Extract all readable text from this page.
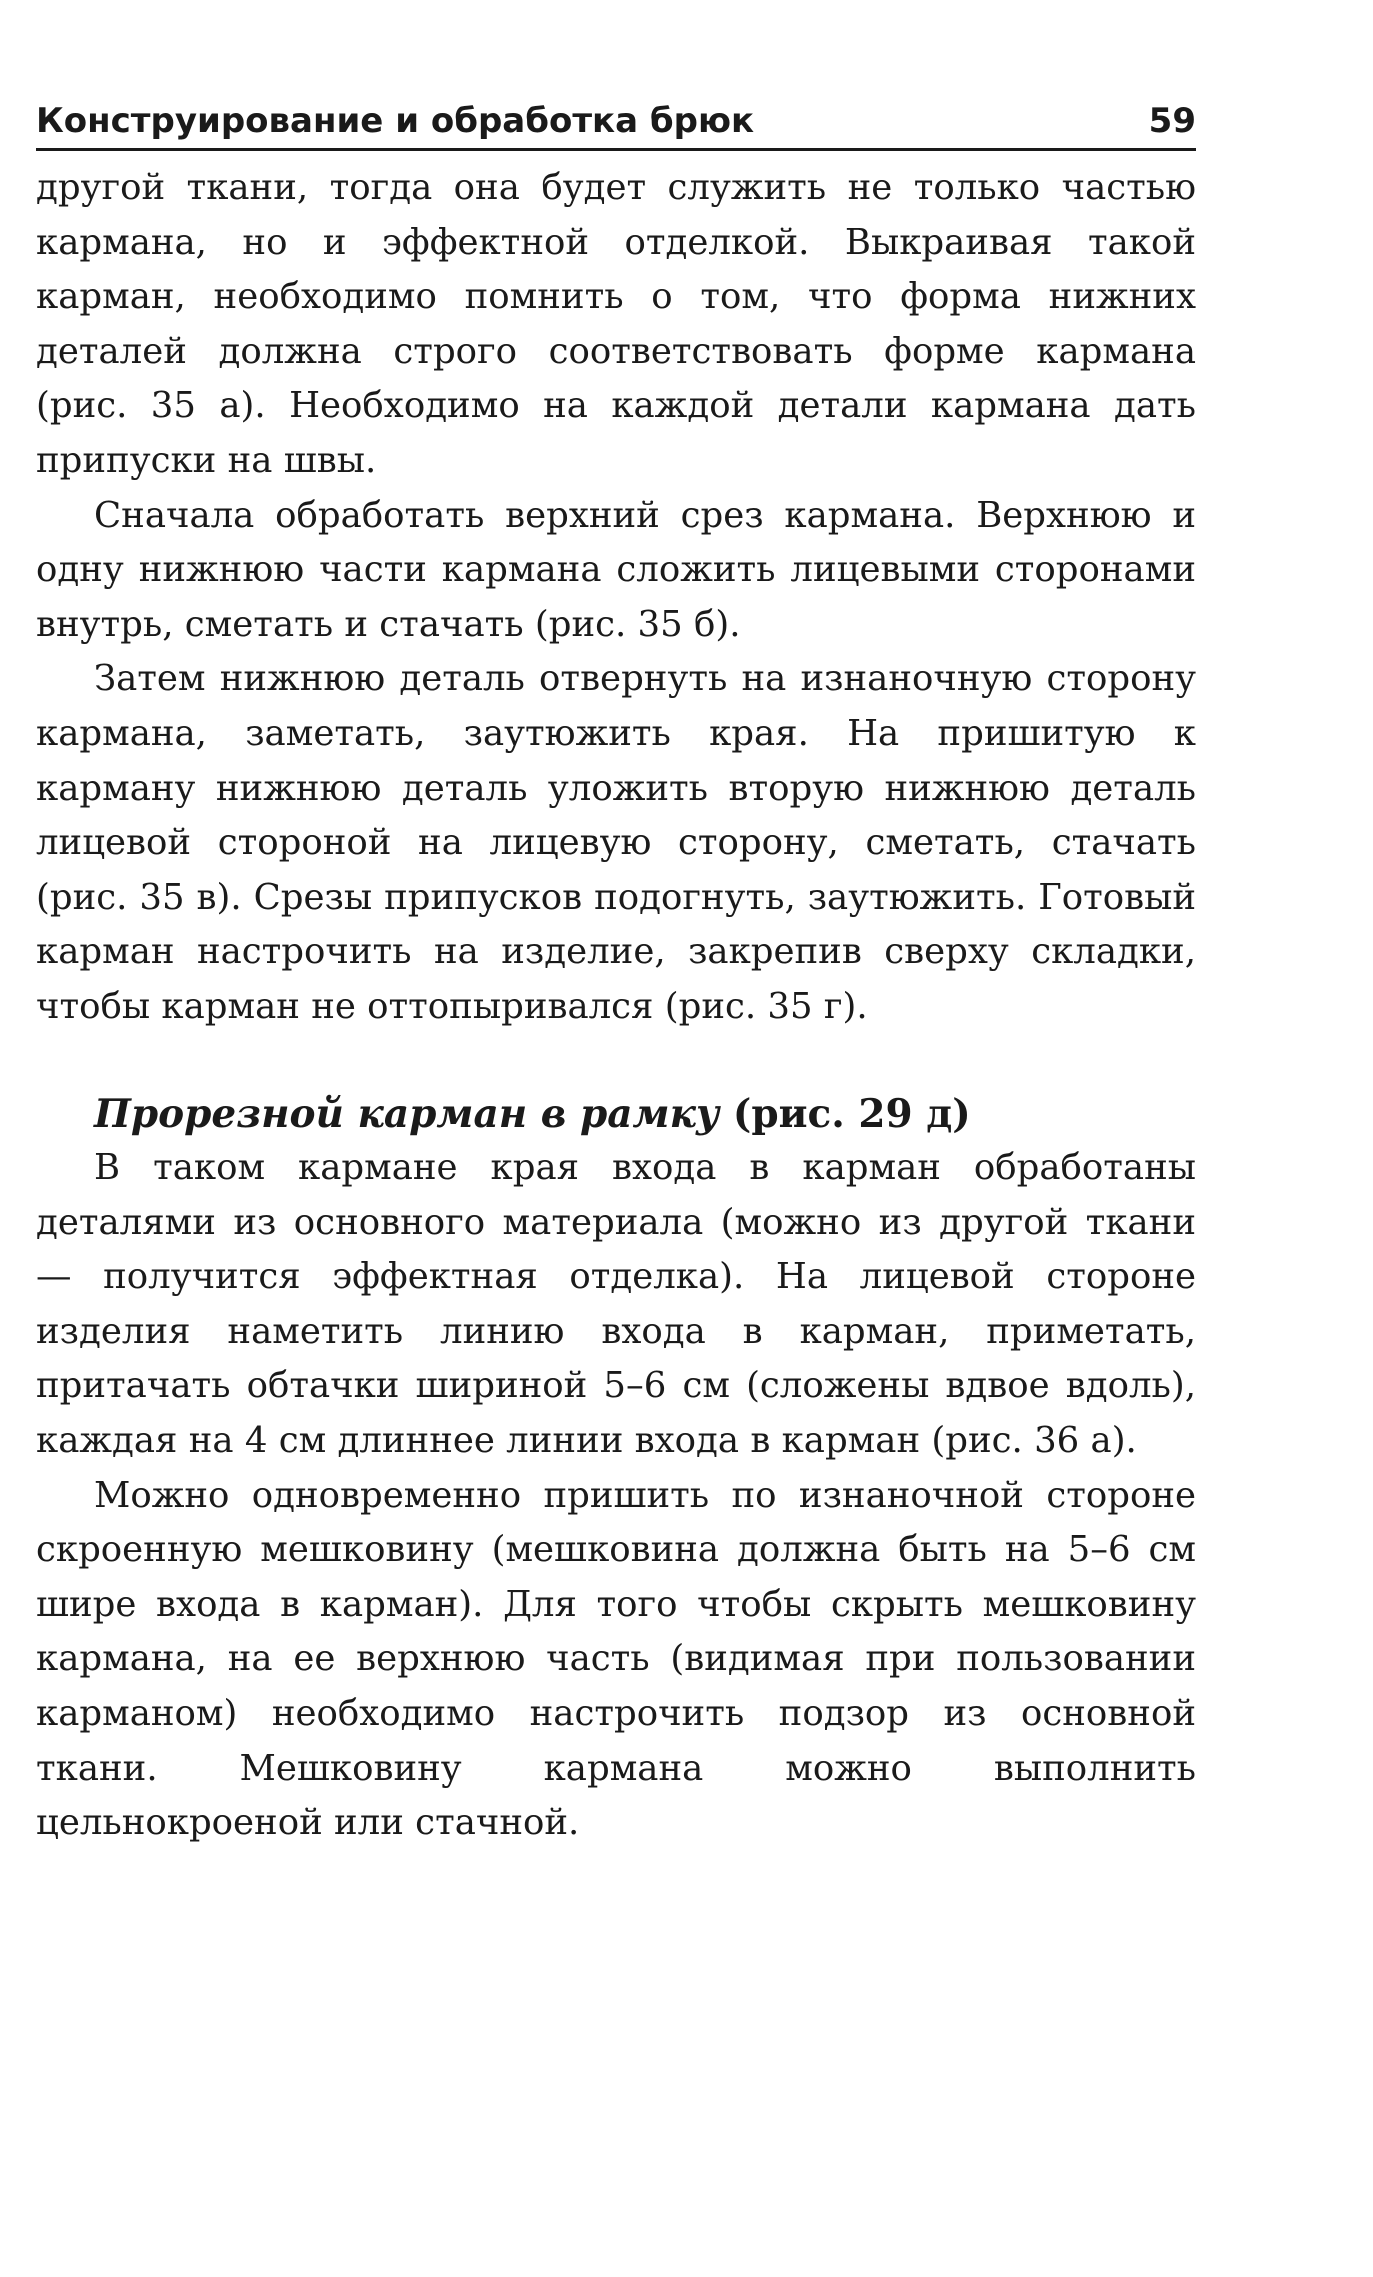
Конструирование и обработка брюк	59

другой ткани, тогда она будет служить не только частью кармана, но и эффектной отделкой. Выкраивая такой карман, необходимо помнить о том, что форма нижних деталей должна строго соответствовать форме кармана (рис. 35 а). Необходимо на каждой детали кармана дать припуски на швы.

Сначала обработать верхний срез кармана. Верхнюю и одну нижнюю части кармана сложить лицевыми сторонами внутрь, сметать и стачать (рис. 35 б).

Затем нижнюю деталь отвернуть на изнаночную сторону кармана, заметать, заутюжить края. На пришитую к карману нижнюю деталь уложить вторую нижнюю деталь лицевой стороной на лицевую сторону, сметать, стачать (рис. 35 в). Срезы припусков подогнуть, заутюжить. Готовый карман настрочить на изделие, закрепив сверху складки, чтобы карман не оттопыривался (рис. 35 г).

Прорезной карман в рамку (рис. 29 д)

В таком кармане края входа в карман обработаны деталями из основного материала (можно из другой ткани — получится эффектная отделка). На лицевой стороне изделия наметить линию входа в карман, приметать, притачать обтачки шириной 5–6 см (сложены вдвое вдоль), каждая на 4 см длиннее линии входа в карман (рис. 36 а).

Можно одновременно пришить по изнаночной стороне скроенную мешковину (мешковина должна быть на 5–6 см шире входа в карман). Для того чтобы скрыть мешковину кармана, на ее верхнюю часть (видимая при пользовании карманом) необходимо настрочить подзор из основной ткани. Мешковину кармана можно выполнить цельнокроеной или стачной.
